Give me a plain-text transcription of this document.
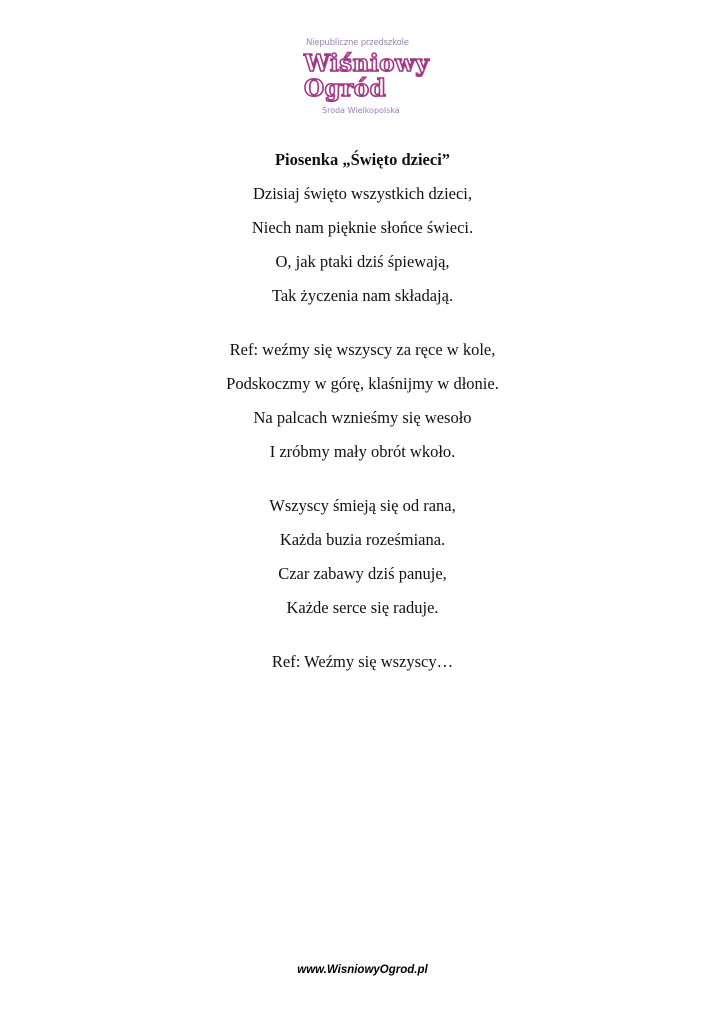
Niepubliczne przedszkole
Wiśniowy
Ogród
Środa Wielkopolska
Piosenka „Święto dzieci”
Dzisiaj święto wszystkich dzieci,
Niech nam pięknie słońce świeci.
O, jak ptaki dziś śpiewają,
Tak życzenia nam składają.
Ref: weźmy się wszyscy za ręce w kole,
Podskoczmy w górę, klaśnijmy w dłonie.
Na palcach wznieśmy się wesoło
I zróbmy mały obrót wkoło.
Wszyscy śmieją się od rana,
Każda buzia roześmiana.
Czar zabawy dziś panuje,
Każde serce się raduje.
Ref: Weźmy się wszyscy…
www.WisniowyOgrod.pl
